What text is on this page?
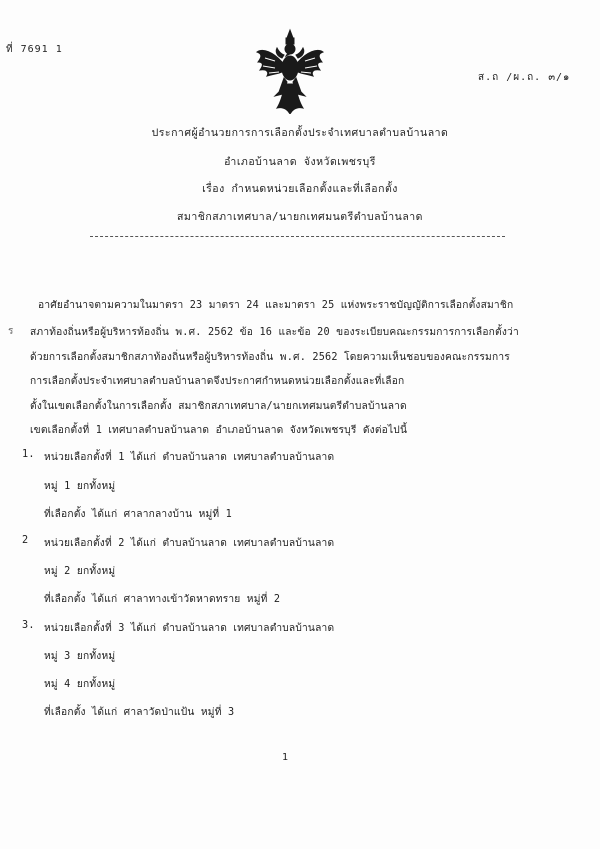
ที่ 7691 1
ส.ถ /ผ.ถ. ๓/๑
ประกาศผู้อำนวยการการเลือกตั้งประจำเทศบาลตำบลบ้านลาด
อำเภอบ้านลาด จังหวัดเพชรบุรี
เรื่อง กำหนดหน่วยเลือกตั้งและที่เลือกตั้ง
สมาชิกสภาเทศบาล/นายกเทศมนตรีตำบลบ้านลาด
อาศัยอำนาจตามความในมาตรา 23 มาตรา 24 และมาตรา 25 แห่งพระราชบัญญัติการเลือกตั้งสมาชิก
ร สภาท้องถิ่นหรือผู้บริหารท้องถิ่น พ.ศ. 2562 ข้อ 16 และข้อ 20 ของระเบียบคณะกรรมการการเลือกตั้งว่า
ด้วยการเลือกตั้งสมาชิกสภาท้องถิ่นหรือผู้บริหารท้องถิ่น พ.ศ. 2562 โดยความเห็นชอบของคณะกรรมการ
การเลือกตั้งประจำเทศบาลตำบลบ้านลาดจึงประกาศกำหนดหน่วยเลือกตั้งและที่เลือก
ตั้งในเขตเลือกตั้งในการเลือกตั้ง สมาชิกสภาเทศบาล/นายกเทศมนตรีตำบลบ้านลาด
เขตเลือกตั้งที่ 1 เทศบาลตำบลบ้านลาด อำเภอบ้านลาด จังหวัดเพชรบุรี ดังต่อไปนี้
1. หน่วยเลือกตั้งที่ 1 ได้แก่ ตำบลบ้านลาด เทศบาลตำบลบ้านลาด
หมู่ 1 ยกทั้งหมู่
ที่เลือกตั้ง ได้แก่ ศาลากลางบ้าน หมู่ที่ 1
2 หน่วยเลือกตั้งที่ 2 ได้แก่ ตำบลบ้านลาด เทศบาลตำบลบ้านลาด
หมู่ 2 ยกทั้งหมู่
ที่เลือกตั้ง ได้แก่ ศาลาทางเข้าวัดหาดทราย หมู่ที่ 2
3. หน่วยเลือกตั้งที่ 3 ได้แก่ ตำบลบ้านลาด เทศบาลตำบลบ้านลาด
หมู่ 3 ยกทั้งหมู่
หมู่ 4 ยกทั้งหมู่
ที่เลือกตั้ง ได้แก่ ศาลาวัดป่าแป้น หมู่ที่ 3
1
